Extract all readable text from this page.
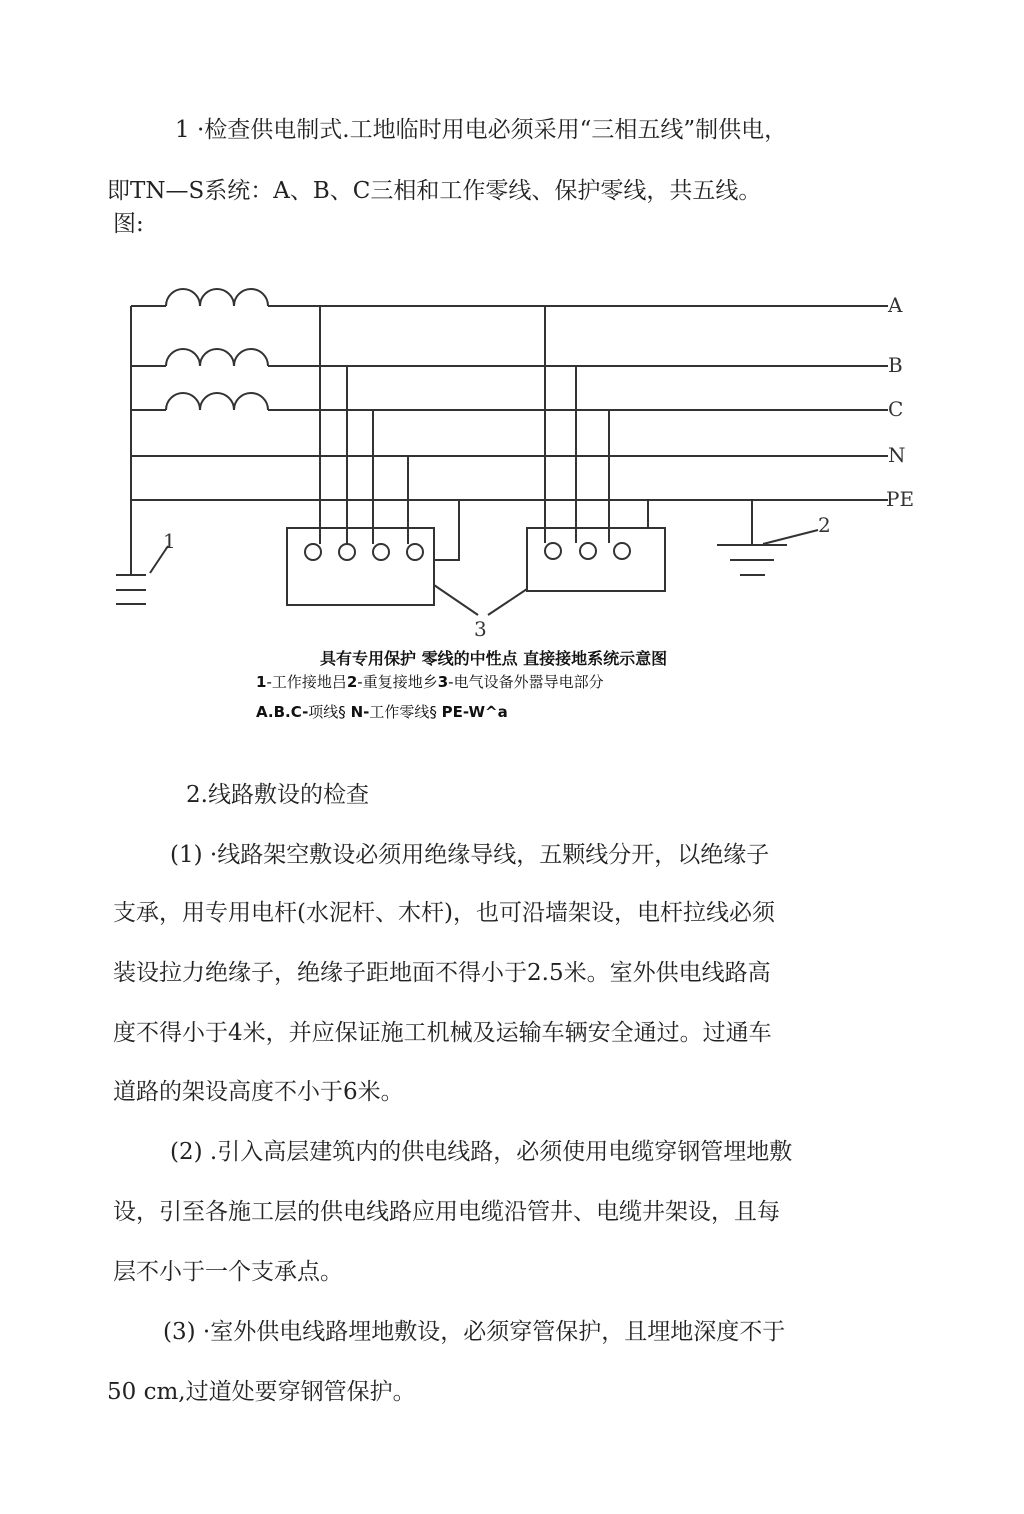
1 ·检查供电制式.工地临时用电必须采用“三相五线”制供电，
即TN—S系统：A、B、C三相和工作零线、保护零线，共五线。
图:
A
B
C
N
PE
1
2
3
具有专用保护 零线的中性点 直接接地系统示意图
1-工作接地吕2-重复接地乡3-电气设备外嚣导电部分
A.B.C-项线§ N-工作零线§ PE-W^a
2.线路敷设的检查
(1) ·线路架空敷设必须用绝缘导线，五颗线分开，以绝缘子
支承，用专用电杆(水泥杆、木杆)，也可沿墙架设，电杆拉线必须
装设拉力绝缘子，绝缘子距地面不得小于2.5米。室外供电线路高
度不得小于4米，并应保证施工机械及运输车辆安全通过。过通车
道路的架设高度不小于6米。
(2) .引入高层建筑内的供电线路，必须使用电缆穿钢管埋地敷
设，引至各施工层的供电线路应用电缆沿管井、电缆井架设，且每
层不小于一个支承点。
(3) ·室外供电线路埋地敷设，必须穿管保护，且埋地深度不于
50 cm,过道处要穿钢管保护。
